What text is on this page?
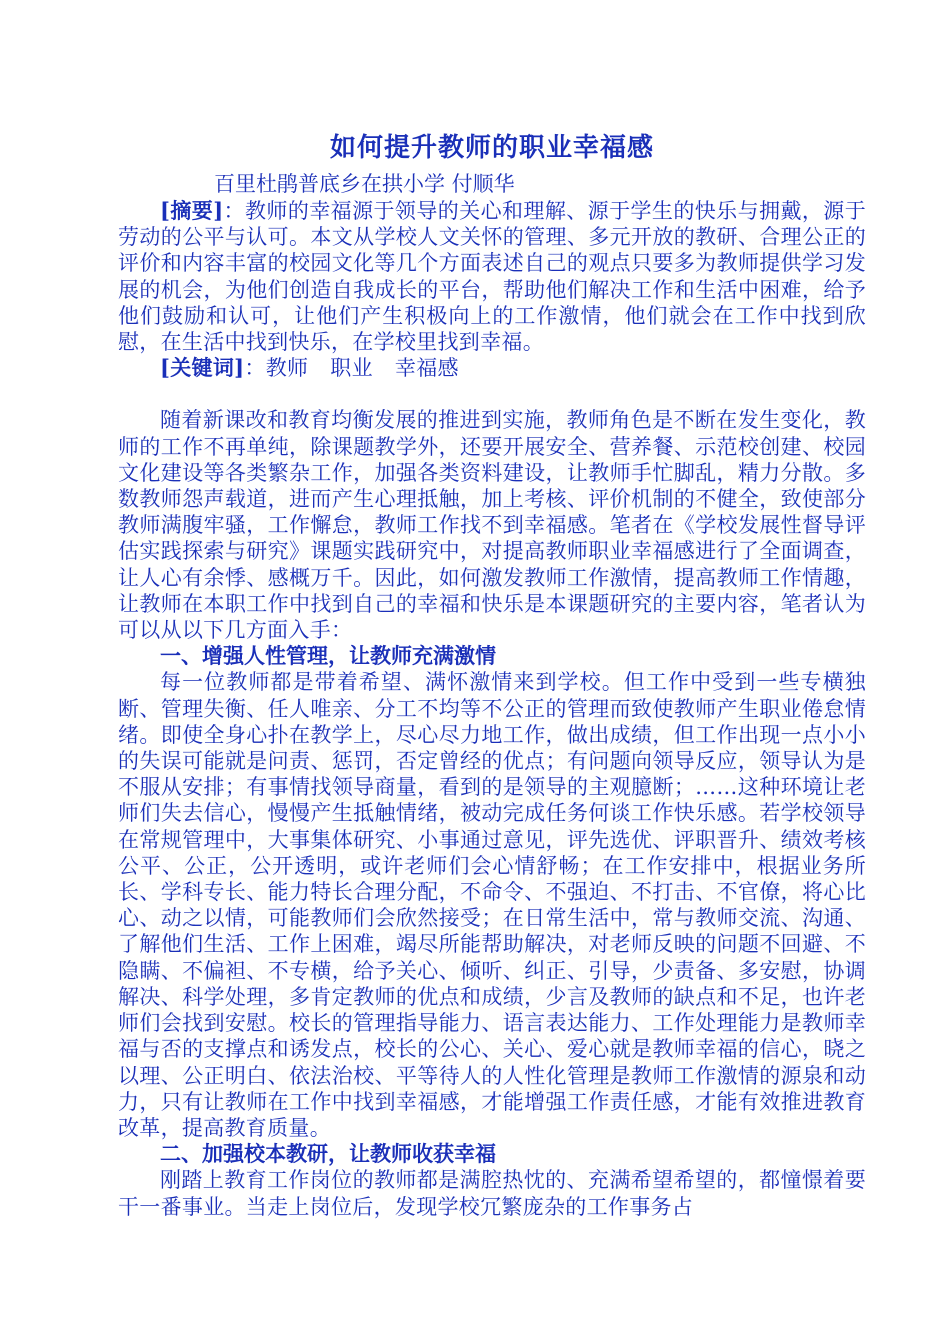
如何提升教师的职业幸福感
百里杜鹃普底乡在拱小学 付顺华

[摘要]：教师的幸福源于领导的关心和理解、源于学生的快乐与拥戴，源于劳动的公平与认可。本文从学校人文关怀的管理、多元开放的教研、合理公正的评价和内容丰富的校园文化等几个方面表述自己的观点只要多为教师提供学习发展的机会，为他们创造自我成长的平台，帮助他们解决工作和生活中困难，给予他们鼓励和认可，让他们产生积极向上的工作激情，他们就会在工作中找到欣慰，在生活中找到快乐，在学校里找到幸福。

[关键词]：教师 职业 幸福感

随着新课改和教育均衡发展的推进到实施，教师角色是不断在发生变化，教师的工作不再单纯，除课题教学外，还要开展安全、营养餐、示范校创建、校园文化建设等各类繁杂工作，加强各类资料建设，让教师手忙脚乱，精力分散。多数教师怨声载道，进而产生心理抵触，加上考核、评价机制的不健全，致使部分教师满腹牢骚，工作懈怠，教师工作找不到幸福感。笔者在《学校发展性督导评估实践探索与研究》课题实践研究中，对提高教师职业幸福感进行了全面调查，让人心有余悸、感概万千。因此，如何激发教师工作激情，提高教师工作情趣，让教师在本职工作中找到自己的幸福和快乐是本课题研究的主要内容，笔者认为可以从以下几方面入手：

一、增强人性管理，让教师充满激情

每一位教师都是带着希望、满怀激情来到学校。但工作中受到一些专横独断、管理失衡、任人唯亲、分工不均等不公正的管理而致使教师产生职业倦怠情绪。即使全身心扑在教学上，尽心尽力地工作，做出成绩，但工作出现一点小小的失误可能就是问责、惩罚，否定曾经的优点；有问题向领导反应，领导认为是不服从安排；有事情找领导商量，看到的是领导的主观臆断；……这种环境让老师们失去信心，慢慢产生抵触情绪，被动完成任务何谈工作快乐感。若学校领导在常规管理中，大事集体研究、小事通过意见，评先选优、评职晋升、绩效考核公平、公正，公开透明，或许老师们会心情舒畅；在工作安排中，根据业务所长、学科专长、能力特长合理分配，不命令、不强迫、不打击、不官僚，将心比心、动之以情，可能教师们会欣然接受；在日常生活中，常与教师交流、沟通、了解他们生活、工作上困难，竭尽所能帮助解决，对老师反映的问题不回避、不隐瞒、不偏袒、不专横，给予关心、倾听、纠正、引导，少责备、多安慰，协调解决、科学处理，多肯定教师的优点和成绩，少言及教师的缺点和不足，也许老师们会找到安慰。校长的管理指导能力、语言表达能力、工作处理能力是教师幸福与否的支撑点和诱发点，校长的公心、关心、爱心就是教师幸福的信心，晓之以理、公正明白、依法治校、平等待人的人性化管理是教师工作激情的源泉和动力，只有让教师在工作中找到幸福感，才能增强工作责任感，才能有效推进教育改革，提高教育质量。

二、加强校本教研，让教师收获幸福

刚踏上教育工作岗位的教师都是满腔热忱的、充满希望希望的，都憧憬着要干一番事业。当走上岗位后，发现学校冗繁庞杂的工作事务占
